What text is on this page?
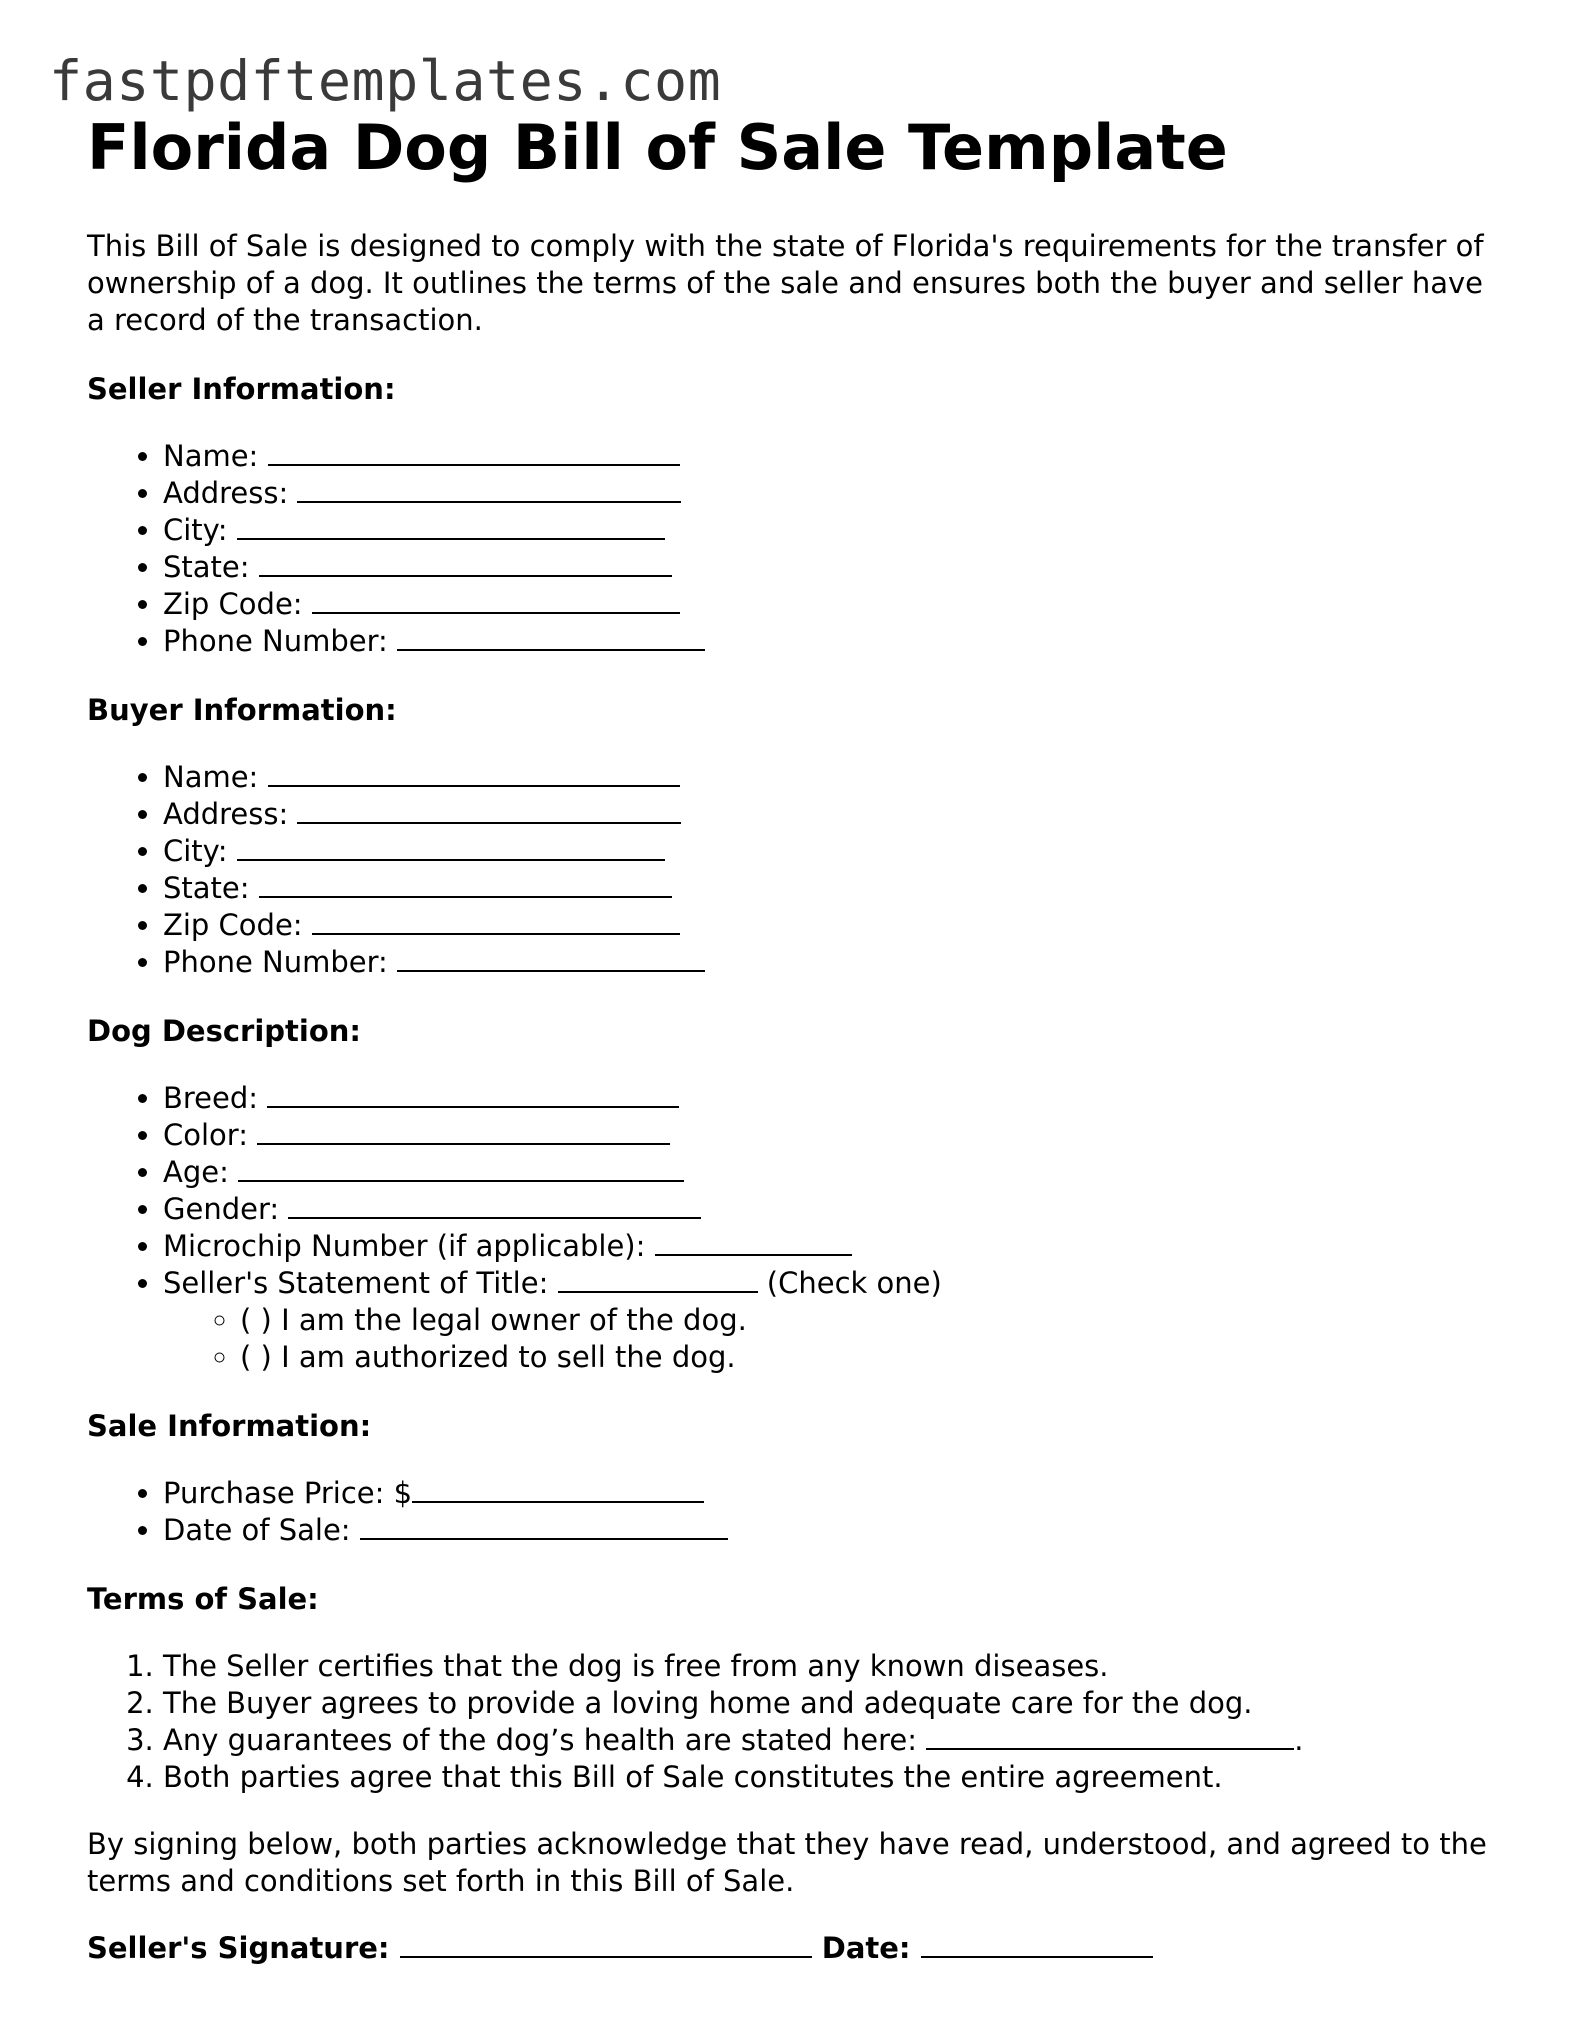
fastpdftemplates.com
Florida Dog Bill of Sale Template

This Bill of Sale is designed to comply with the state of Florida's requirements for the transfer of ownership of a dog. It outlines the terms of the sale and ensures both the buyer and seller have a record of the transaction.

Seller Information:
• Name:
• Address:
• City:
• State:
• Zip Code:
• Phone Number:
Buyer Information:
• Name:
• Address:
• City:
• State:
• Zip Code:
• Phone Number:
Dog Description:
• Breed:
• Color:
• Age:
• Gender:
• Microchip Number (if applicable):
• Seller's Statement of Title:	(Check one)
◦ ( ) I am the legal owner of the dog.
◦ ( ) I am authorized to sell the dog.
Sale Information:
• Purchase Price: $
• Date of Sale:
Terms of Sale:
1. The Seller certifies that the dog is free from any known diseases.
2. The Buyer agrees to provide a loving home and adequate care for the dog.
3. Any guarantees of the dog’s health are stated here:	.
4. Both parties agree that this Bill of Sale constitutes the entire agreement.

By signing below, both parties acknowledge that they have read, understood, and agreed to the terms and conditions set forth in this Bill of Sale.

Seller's Signature:	Date:
